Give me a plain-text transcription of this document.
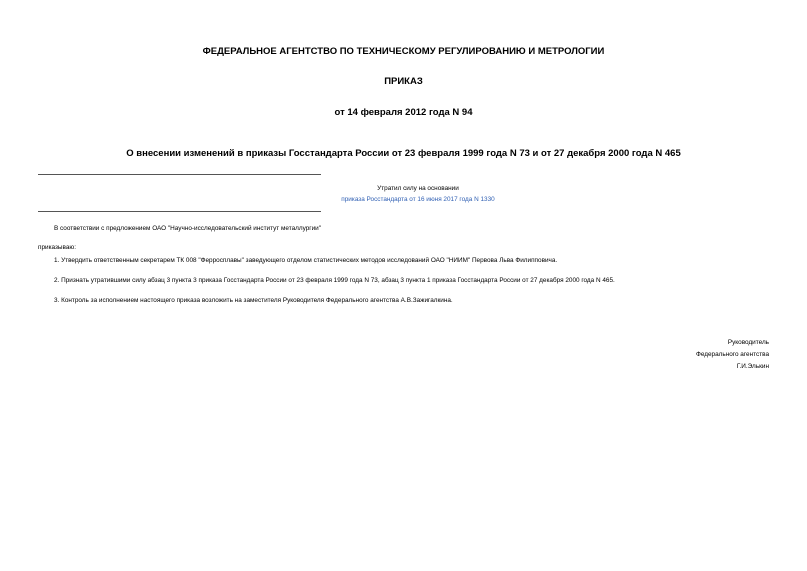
ФЕДЕРАЛЬНОЕ АГЕНТСТВО ПО ТЕХНИЧЕСКОМУ РЕГУЛИРОВАНИЮ И МЕТРОЛОГИИ
ПРИКАЗ
от 14 февраля 2012 года N 94
О внесении изменений в приказы Госстандарта России от 23 февраля 1999 года N 73 и от 27 декабря 2000 года N 465
Утратил силу на основании
приказа Росстандарта от 16 июня 2017 года N 1330
В соответствии с предложением ОАО "Научно-исследовательский институт металлургии"
приказываю:
1. Утвердить ответственным секретарем ТК 008 "Ферросплавы" заведующего отделом статистических методов исследований ОАО "НИИМ" Первова Льва Филипповича.
2. Признать утратившими силу абзац 3 пункта 3 приказа Госстандарта России от 23 февраля 1999 года N 73, абзац 3 пункта 1 приказа Госстандарта России от 27 декабря 2000 года N 465.
3. Контроль за исполнением настоящего приказа возложить на заместителя Руководителя Федерального агентства А.В.Зажигалкина.
Руководитель
Федерального агентства
Г.И.Элькин
